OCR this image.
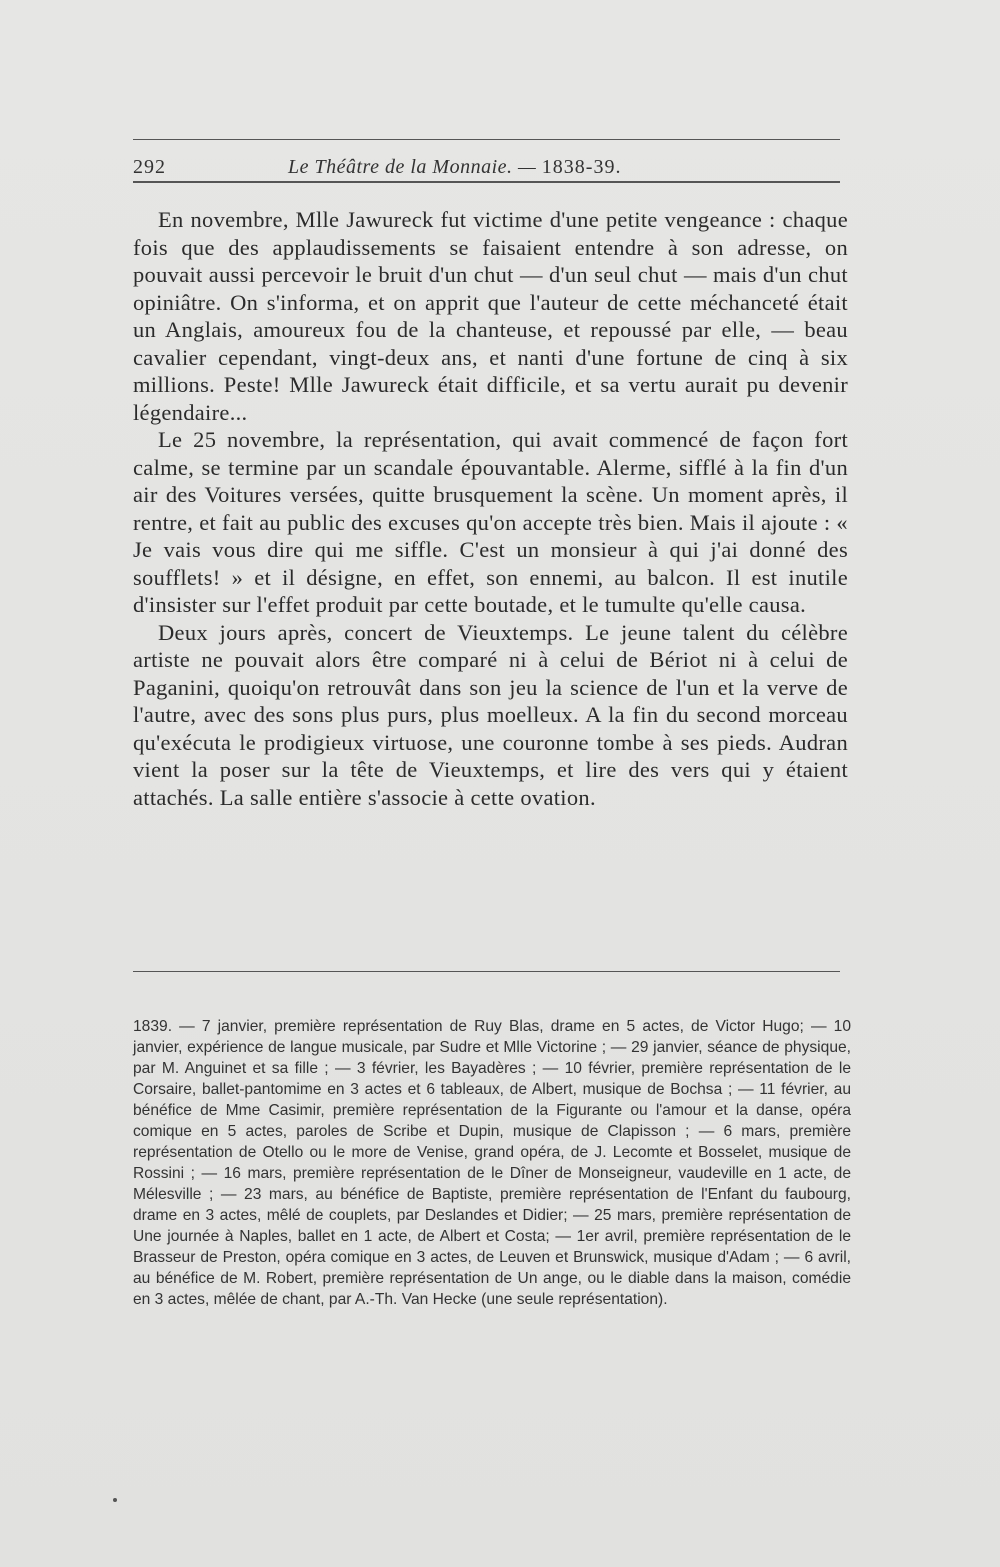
292	Le Théâtre de la Monnaie. — 1838-39.

En novembre, Mlle Jawureck fut victime d'une petite vengeance : chaque fois que des applaudissements se faisaient entendre à son adresse, on pouvait aussi percevoir le bruit d'un chut — d'un seul chut — mais d'un chut opiniâtre. On s'informa, et on apprit que l'auteur de cette méchanceté était un Anglais, amoureux fou de la chanteuse, et repoussé par elle, — beau cavalier cependant, vingt-deux ans, et nanti d'une fortune de cinq à six millions. Peste! Mlle Jawureck était difficile, et sa vertu aurait pu devenir légendaire...

Le 25 novembre, la représentation, qui avait commencé de façon fort calme, se termine par un scandale épouvantable. Alerme, sifflé à la fin d'un air des Voitures versées, quitte brusquement la scène. Un moment après, il rentre, et fait au public des excuses qu'on accepte très bien. Mais il ajoute : « Je vais vous dire qui me siffle. C'est un monsieur à qui j'ai donné des soufflets! » et il désigne, en effet, son ennemi, au balcon. Il est inutile d'insister sur l'effet produit par cette boutade, et le tumulte qu'elle causa.

Deux jours après, concert de Vieuxtemps. Le jeune talent du célèbre artiste ne pouvait alors être comparé ni à celui de Bériot ni à celui de Paganini, quoiqu'on retrouvât dans son jeu la science de l'un et la verve de l'autre, avec des sons plus purs, plus moelleux. A la fin du second morceau qu'exécuta le prodigieux virtuose, une couronne tombe à ses pieds. Audran vient la poser sur la tête de Vieuxtemps, et lire des vers qui y étaient attachés. La salle entière s'associe à cette ovation.

1839. — 7 janvier, première représentation de Ruy Blas, drame en 5 actes, de Victor Hugo; — 10 janvier, expérience de langue musicale, par Sudre et Mlle Victorine ; — 29 janvier, séance de physique, par M. Anguinet et sa fille ; — 3 février, les Bayadères ; — 10 février, première représentation de le Corsaire, ballet-pantomime en 3 actes et 6 tableaux, de Albert, musique de Bochsa ; — 11 février, au bénéfice de Mme Casimir, première représentation de la Figurante ou l'amour et la danse, opéra comique en 5 actes, paroles de Scribe et Dupin, musique de Clapisson ; — 6 mars, première représentation de Otello ou le more de Venise, grand opéra, de J. Lecomte et Bosselet, musique de Rossini ; — 16 mars, première représentation de le Dîner de Monseigneur, vaudeville en 1 acte, de Mélesville ; — 23 mars, au bénéfice de Baptiste, première représentation de l'Enfant du faubourg, drame en 3 actes, mêlé de couplets, par Deslandes et Didier; — 25 mars, première représentation de Une journée à Naples, ballet en 1 acte, de Albert et Costa; — 1er avril, première représentation de le Brasseur de Preston, opéra comique en 3 actes, de Leuven et Brunswick, musique d'Adam ; — 6 avril, au bénéfice de M. Robert, première représentation de Un ange, ou le diable dans la maison, comédie en 3 actes, mêlée de chant, par A.-Th. Van Hecke (une seule représentation).
